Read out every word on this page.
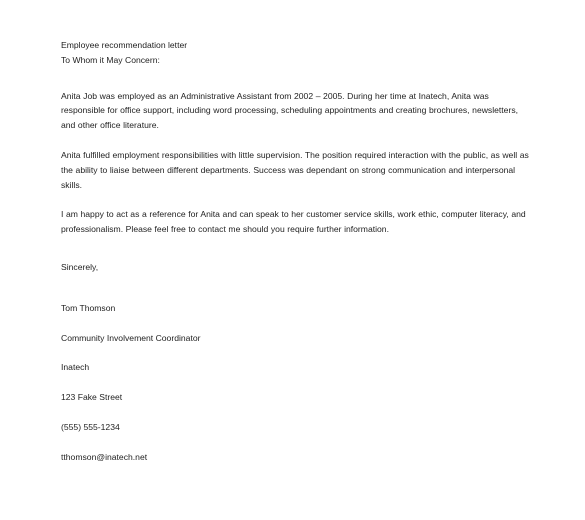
Employee recommendation letter
To Whom it May Concern:

Anita Job was employed as an Administrative Assistant from 2002 – 2005. During her time at Inatech, Anita was responsible for office support, including word processing, scheduling appointments and creating brochures, newsletters, and other office literature.

Anita fulfilled employment responsibilities with little supervision. The position required interaction with the public, as well as the ability to liaise between different departments. Success was dependant on strong communication and interpersonal skills.

I am happy to act as a reference for Anita and can speak to her customer service skills, work ethic, computer literacy, and professionalism. Please feel free to contact me should you require further information.

Sincerely,
Tom Thomson
Community Involvement Coordinator
Inatech
123 Fake Street
(555) 555-1234
tthomson@inatech.net
